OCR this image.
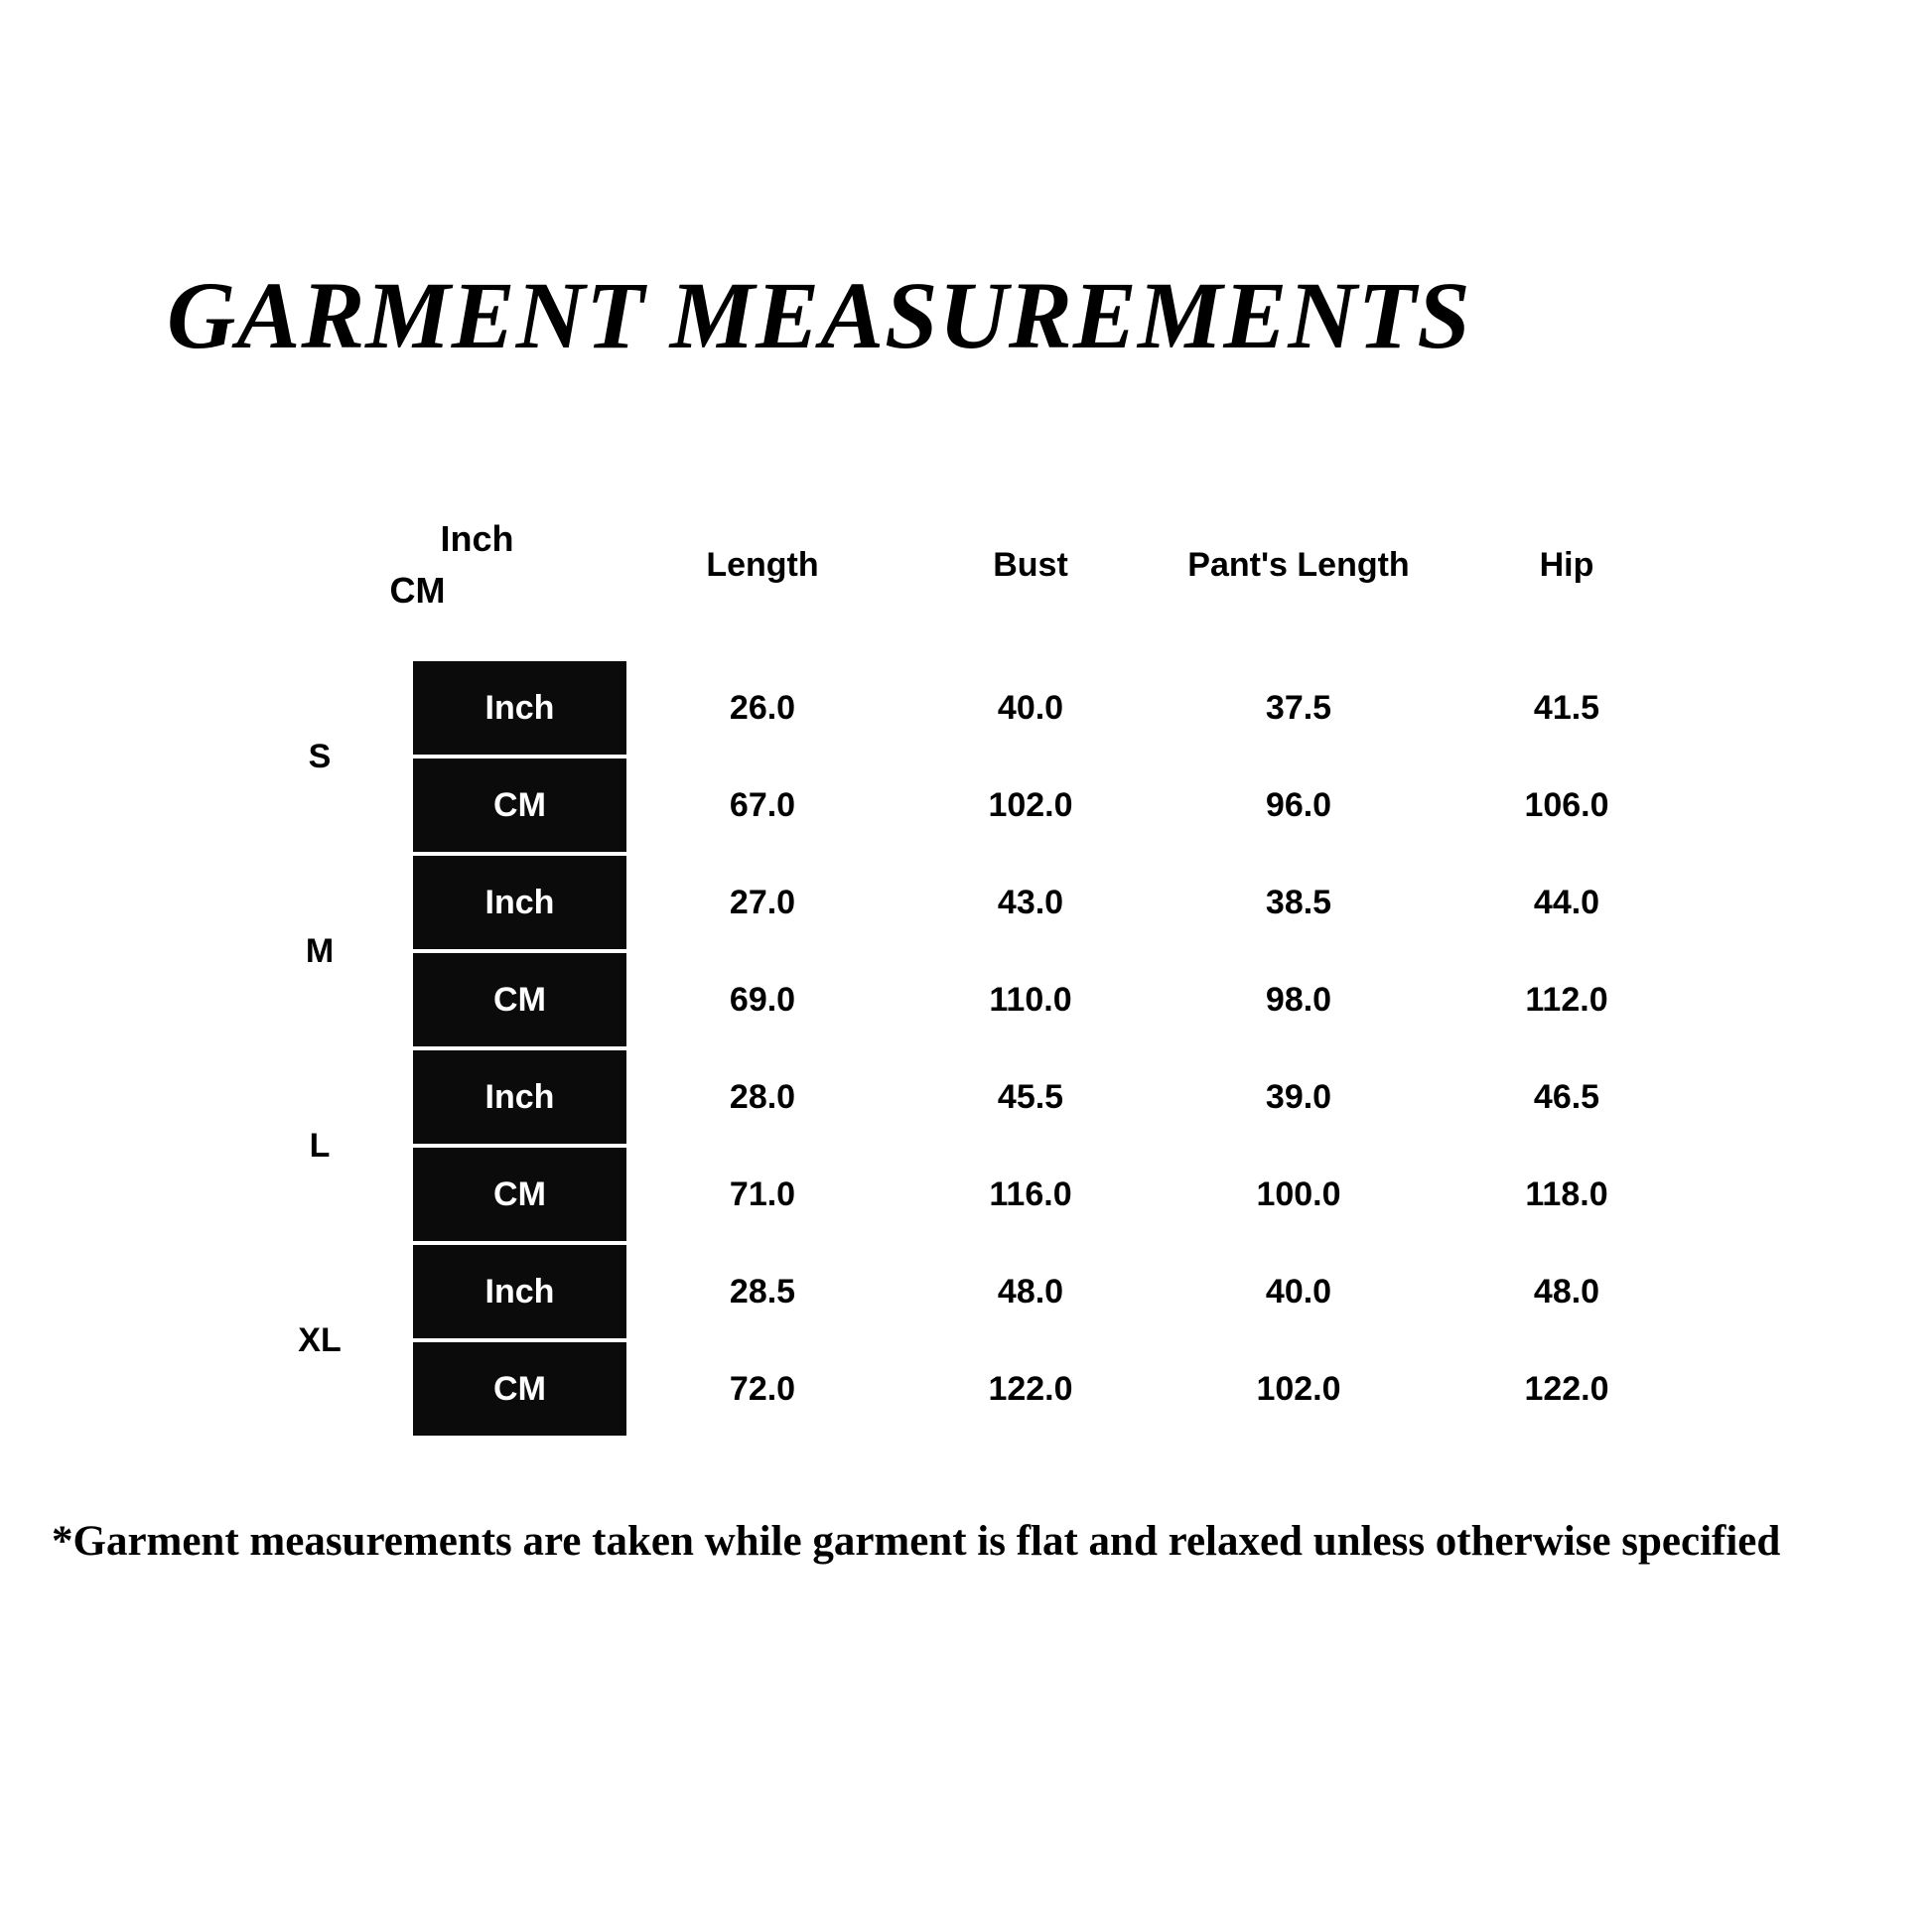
GARMENT MEASUREMENTS
Unit:
Inch
CM		Length	Bust	Pant's Length	Hip
S	Inch	26.0	40.0	37.5	41.5
	CM	67.0	102.0	96.0	106.0
M	Inch	27.0	43.0	38.5	44.0
	CM	69.0	110.0	98.0	112.0
L	Inch	28.0	45.5	39.0	46.5
	CM	71.0	116.0	100.0	118.0
XL	Inch	28.5	48.0	40.0	48.0
	CM	72.0	122.0	102.0	122.0
*Garment measurements are taken while garment is flat and relaxed unless otherwise specified
